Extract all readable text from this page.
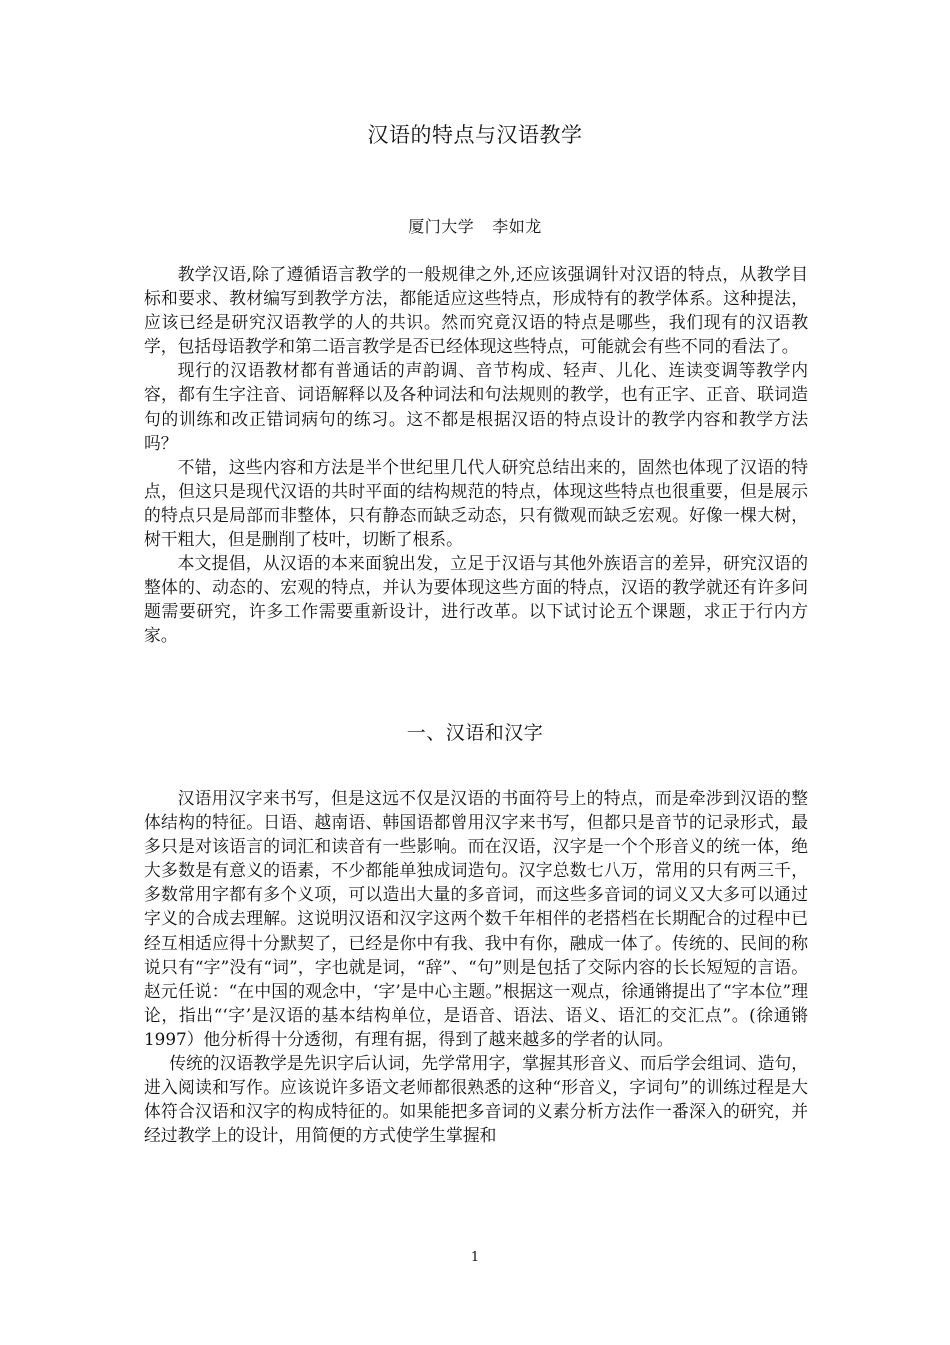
汉语的特点与汉语教学
厦门大学 李如龙

教学汉语,除了遵循语言教学的一般规律之外,还应该强调针对汉语的特点，从教学目标和要求、教材编写到教学方法，都能适应这些特点，形成特有的教学体系。这种提法，应该已经是研究汉语教学的人的共识。然而究竟汉语的特点是哪些，我们现有的汉语教学，包括母语教学和第二语言教学是否已经体现这些特点，可能就会有些不同的看法了。

现行的汉语教材都有普通话的声韵调、音节构成、轻声、儿化、连读变调等教学内容，都有生字注音、词语解释以及各种词法和句法规则的教学，也有正字、正音、联词造句的训练和改正错词病句的练习。这不都是根据汉语的特点设计的教学内容和教学方法吗？

不错，这些内容和方法是半个世纪里几代人研究总结出来的，固然也体现了汉语的特点，但这只是现代汉语的共时平面的结构规范的特点，体现这些特点也很重要，但是展示的特点只是局部而非整体，只有静态而缺乏动态，只有微观而缺乏宏观。好像一棵大树，树干粗大，但是删削了枝叶，切断了根系。

本文提倡，从汉语的本来面貌出发，立足于汉语与其他外族语言的差异，研究汉语的整体的、动态的、宏观的特点，并认为要体现这些方面的特点，汉语的教学就还有许多问题需要研究，许多工作需要重新设计，进行改革。以下试讨论五个课题，求正于行内方家。

一、汉语和汉字

汉语用汉字来书写，但是这远不仅是汉语的书面符号上的特点，而是牵涉到汉语的整体结构的特征。日语、越南语、韩国语都曾用汉字来书写，但都只是音节的记录形式，最多只是对该语言的词汇和读音有一些影响。而在汉语，汉字是一个个形音义的统一体，绝大多数是有意义的语素，不少都能单独成词造句。汉字总数七八万，常用的只有两三千，多数常用字都有多个义项，可以造出大量的多音词，而这些多音词的词义又大多可以通过字义的合成去理解。这说明汉语和汉字这两个数千年相伴的老搭档在长期配合的过程中已经互相适应得十分默契了，已经是你中有我、我中有你，融成一体了。传统的、民间的称说只有“字”没有“词”，字也就是词，“辞”、“句”则是包括了交际内容的长长短短的言语。赵元任说：“在中国的观念中，‘字’是中心主题。”根据这一观点，徐通锵提出了“字本位”理论，指出“‘字’是汉语的基本结构单位，是语音、语法、语义、语汇的交汇点”。(徐通锵 1997）他分析得十分透彻，有理有据，得到了越来越多的学者的认同。

传统的汉语教学是先识字后认词，先学常用字，掌握其形音义、而后学会组词、造句，进入阅读和写作。应该说许多语文老师都很熟悉的这种“形音义，字词句”的训练过程是大体符合汉语和汉字的构成特征的。如果能把多音词的义素分析方法作一番深入的研究，并经过教学上的设计，用简便的方式使学生掌握和

1
